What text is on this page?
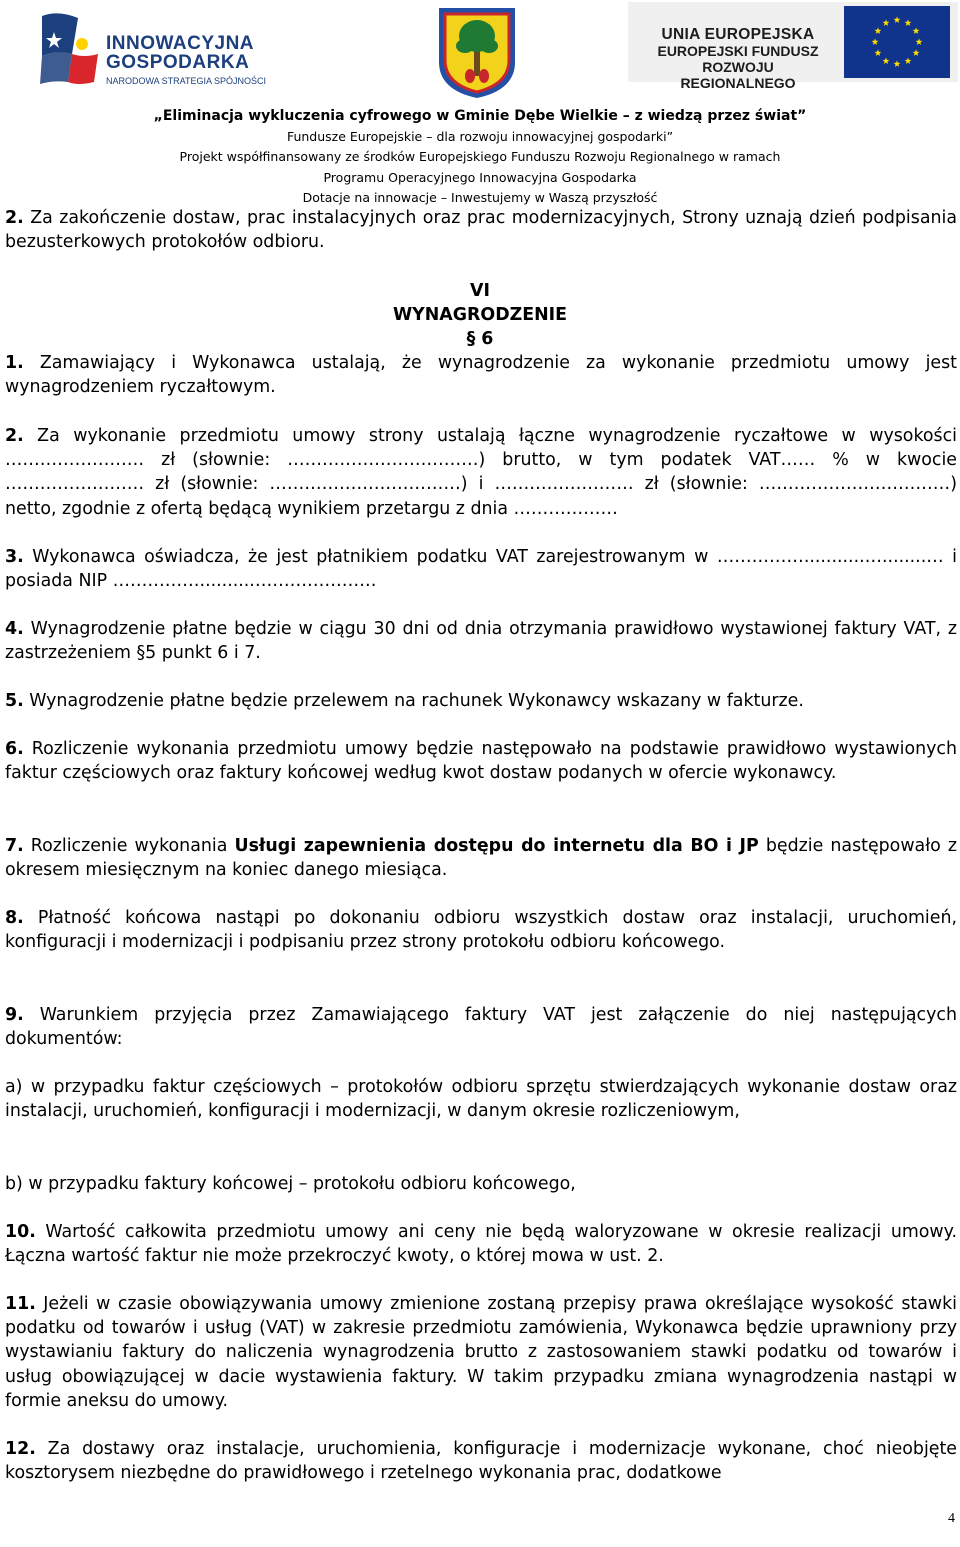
INNOWACYJNA
GOSPODARKA
NARODOWA STRATEGIA SPÓJNOŚCI
UNIA EUROPEJSKA
EUROPEJSKI FUNDUSZ
ROZWOJU REGIONALNEGO
„Eliminacja wykluczenia cyfrowego w Gminie Dębe Wielkie – z wiedzą przez świat”
Fundusze Europejskie – dla rozwoju innowacyjnej gospodarki”
Projekt współfinansowany ze środków Europejskiego Funduszu Rozwoju Regionalnego w ramach
Programu Operacyjnego Innowacyjna Gospodarka
Dotacje na innowacje – Inwestujemy w Waszą przyszłość

2. Za zakończenie dostaw, prac instalacyjnych oraz prac modernizacyjnych, Strony uznają dzień podpisania bezusterkowych protokołów odbioru.

VI

WYNAGRODZENIE

§ 6

1. Zamawiający i Wykonawca ustalają, że wynagrodzenie za wykonanie przedmiotu umowy jest wynagrodzeniem ryczałtowym.

2. Za wykonanie przedmiotu umowy strony ustalają łączne wynagrodzenie ryczałtowe w wysokości …………………… zł (słownie: ……………………………) brutto, w tym podatek VAT…… % w kwocie …………………… zł (słownie: ……………………………) i …………………… zł (słownie: ……………………………) netto, zgodnie z ofertą będącą wynikiem przetargu z dnia ………………

3. Wykonawca oświadcza, że jest płatnikiem podatku VAT zarejestrowanym w ……………...........…........… i posiada NIP ……………..........…………………

4. Wynagrodzenie płatne będzie w ciągu 30 dni od dnia otrzymania prawidłowo wystawionej faktury VAT, z zastrzeżeniem §5 punkt 6 i 7.

5. Wynagrodzenie płatne będzie przelewem na rachunek Wykonawcy wskazany w fakturze.

6. Rozliczenie wykonania przedmiotu umowy będzie następowało na podstawie prawidłowo wystawionych faktur częściowych oraz faktury końcowej według kwot dostaw podanych w ofercie wykonawcy.

7. Rozliczenie wykonania Usługi zapewnienia dostępu do internetu dla BO i JP będzie następowało z okresem miesięcznym na koniec danego miesiąca.

8. Płatność końcowa nastąpi po dokonaniu odbioru wszystkich dostaw oraz instalacji, uruchomień, konfiguracji i modernizacji i podpisaniu przez strony protokołu odbioru końcowego.

9. Warunkiem przyjęcia przez Zamawiającego faktury VAT jest załączenie do niej następujących dokumentów:

a) w przypadku faktur częściowych – protokołów odbioru sprzętu stwierdzających wykonanie dostaw oraz instalacji, uruchomień, konfiguracji i modernizacji, w danym okresie rozliczeniowym,

b) w przypadku faktury końcowej – protokołu odbioru końcowego,

10. Wartość całkowita przedmiotu umowy ani ceny nie będą waloryzowane w okresie realizacji umowy. Łączna wartość faktur nie może przekroczyć kwoty, o której mowa w ust. 2.

11. Jeżeli w czasie obowiązywania umowy zmienione zostaną przepisy prawa określające wysokość stawki podatku od towarów i usług (VAT) w zakresie przedmiotu zamówienia, Wykonawca będzie uprawniony przy wystawianiu faktury do naliczenia wynagrodzenia brutto z zastosowaniem stawki podatku od towarów i usług obowiązującej w dacie wystawienia faktury. W takim przypadku zmiana wynagrodzenia nastąpi w formie aneksu do umowy.

12. Za dostawy oraz instalacje, uruchomienia, konfiguracje i modernizacje wykonane, choć nieobjęte kosztorysem niezbędne do prawidłowego i rzetelnego wykonania prac, dodatkowe

4
